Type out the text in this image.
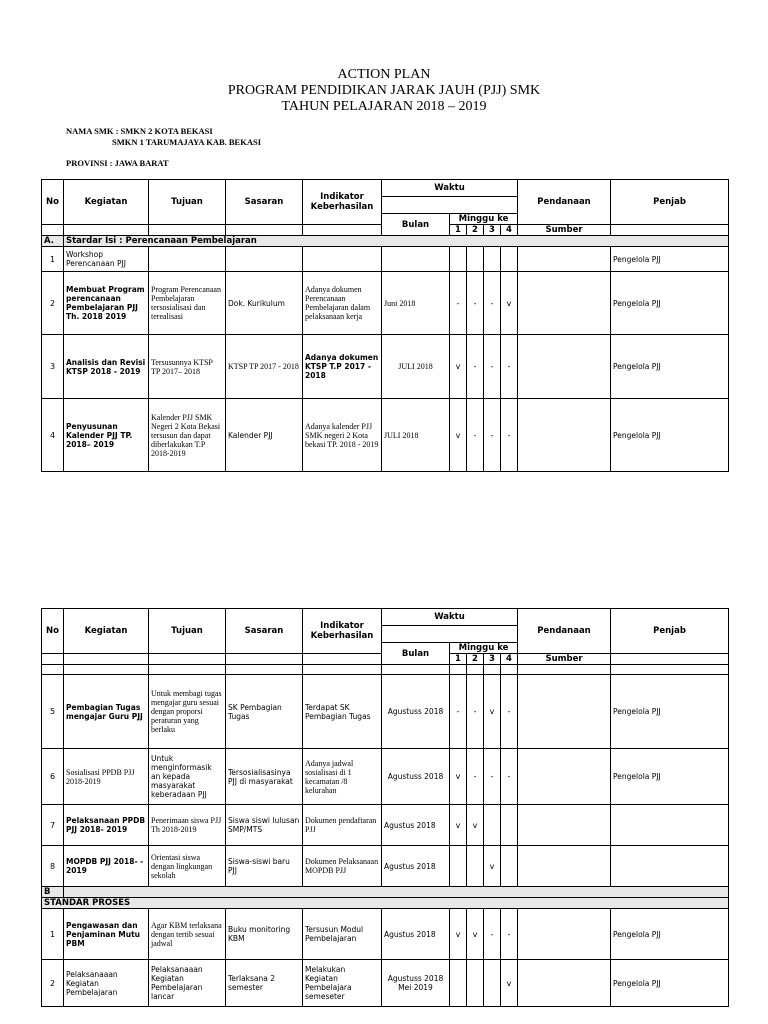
ACTION PLAN
PROGRAM PENDIDIKAN JARAK JAUH (PJJ) SMK
TAHUN PELAJARAN 2018 – 2019
NAMA SMK : SMKN 2 KOTA BEKASI
SMKN 1 TARUMAJAYA KAB. BEKASI
PROVINSI : JAWA BARAT
No	Kegiatan	Tujuan	Sasaran	Indikator Keberhasilan	Waktu					Pendanaan	Penjab

					Bulan	Minggu ke					
						1	2	3	4	Sumber	
A.	Stardar Isi : Perencanaan Pembelajaran										
1	Workshop Perencanaan PJJ										Pengelola PJJ
2	Membuat Program perencanaan Pembelajaran PJJ Th. 2018 2019	Program Perencanaan Pembelajaran tersosialisasi dan terealisasi	Dok. Kurikulum	Adanya dokumen Perencanaan Pembelajaran dalam pelaksanaan kerja	Juni 2018	-	-	-	v		Pengelola PJJ
3	Analisis dan Revisi KTSP 2018 - 2019	Tersusunnya KTSP TP 2017– 2018	KTSP TP 2017 - 2018	Adanya dokumen KTSP T.P 2017 - 2018	JULI 2018	v	-	-	-		Pengelola PJJ
4	Penyusunan Kalender PJJ TP. 2018– 2019	Kalender PJJ SMK Negeri 2 Kota Bekasi tersusun dan dapat diberlakukan T.P 2018-2019	Kalender PJJ	Adanya kalender PJJ SMK negeri 2 Kota bekasi TP. 2018 - 2019	JULI 2018	v	-	-	-		Pengelola PJJ
No	Kegiatan	Tujuan	Sasaran	Indikator Keberhasilan	Waktu					Pendanaan	Penjab

					Bulan	Minggu ke					
						1	2	3	4	Sumber	

5	Pembagian Tugas mengajar Guru PJJ	Untuk membagi tugas mengajar guru sesuai dengan proporsi peraturan yang berlaku	SK Pembagian Tugas	Terdapat SK Pembagian Tugas	Agustuss 2018	-	-	v	-		Pengelola PJJ
6	Sosialisasi PPDB PJJ 2018-2019	Untuk menginformasik an kepada masyarakat keberadaan PJJ	Tersosialisasinya PJJ di masyarakat	Adanya jadwal sosialisasi di 1 kecamatan /8 kelurahan	Agustuss 2018	v	-	-	-		Pengelola PJJ
7	Pelaksanaan PPDB PJJ 2018- 2019	Penerimaan siswa PJJ Th 2018-2019	Siswa siswi lulusan SMP/MTS	Dokumen pendaftaran PJJ	Agustus 2018	v	v				
8	MOPDB PJJ 2018- - 2019	Orientasi siswa dengan lingkungan sekolah	Siswa-siswi baru PJJ	Dokumen Pelaksanaan MOPDB PJJ	Agustus 2018			v			
B											
STANDAR PROSES											
1	Pengawasan dan Penjaminan Mutu PBM	Agar KBM terlaksana dengan tertib sesuai jadwal	Buku monitoring KBM	Tersusun Modul Pembelajaran	Agustus 2018	v	v	-	-		Pengelola PJJ
2	Pelaksanaaan Kegiatan Pembelajaran	Pelaksanaaan Kegiatan Pembelajaran lancar	Terlaksana 2 semester	Melakukan Kegiatan Pembelajara semeseter	Agustuss 2018 Mei 2019				v		Pengelola PJJ
